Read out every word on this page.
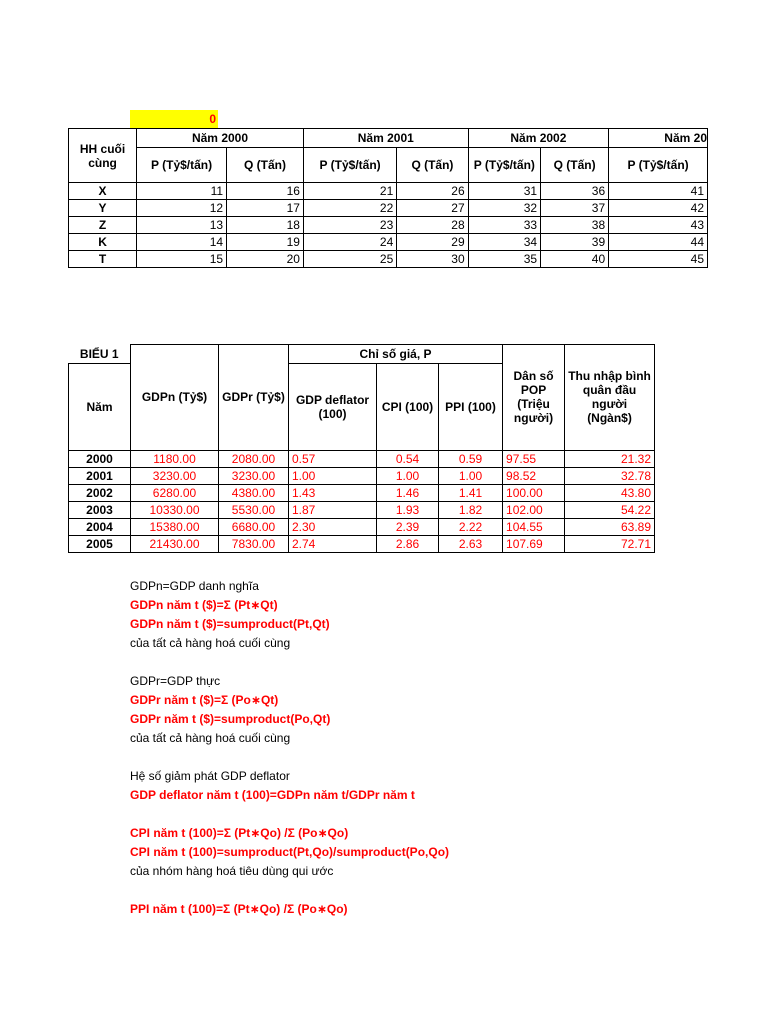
0
HH cuối cùng	Năm 2000		Năm 2001		Năm 2002		Năm 20
	P (Tỷ$/tấn)	Q (Tấn)	P (Tỷ$/tấn)	Q (Tấn)	P (Tỷ$/tấn)	Q (Tấn)	P (Tỷ$/tấn)
X	11	16	21	26	31	36	41
Y	12	17	22	27	32	37	42
Z	13	18	23	28	33	38	43
K	14	19	24	29	34	39	44
T	15	20	25	30	35	40	45
BIỂU 1	GDPn (Tỷ$)	GDPr (Tỷ$)	Chỉ số giá, P			Dân số POP (Triệu người)	Thu nhập bình quân đầu người (Ngàn$)
Năm			GDP deflator (100)	CPI (100)	PPI (100)		
2000	1180.00	2080.00	0.57	0.54	0.59	97.55	21.32
2001	3230.00	3230.00	1.00	1.00	1.00	98.52	32.78
2002	6280.00	4380.00	1.43	1.46	1.41	100.00	43.80
2003	10330.00	5530.00	1.87	1.93	1.82	102.00	54.22
2004	15380.00	6680.00	2.30	2.39	2.22	104.55	63.89
2005	21430.00	7830.00	2.74	2.86	2.63	107.69	72.71
GDPn=GDP danh nghĩa
GDPn năm t ($)=Σ (Pt∗Qt)
GDPn năm t ($)=sumproduct(Pt,Qt)
của tất cả hàng hoá cuối cùng
GDPr=GDP thực
GDPr năm t ($)=Σ (Po∗Qt)
GDPr năm t ($)=sumproduct(Po,Qt)
của tất cả hàng hoá cuối cùng
Hệ số giảm phát GDP deflator
GDP deflator năm t (100)=GDPn năm t/GDPr năm t
CPI năm t (100)=Σ (Pt∗Qo) /Σ (Po∗Qo)
CPI năm t (100)=sumproduct(Pt,Qo)/sumproduct(Po,Qo)
của nhóm hàng hoá tiêu dùng qui ước
PPI năm t (100)=Σ (Pt∗Qo) /Σ (Po∗Qo)
